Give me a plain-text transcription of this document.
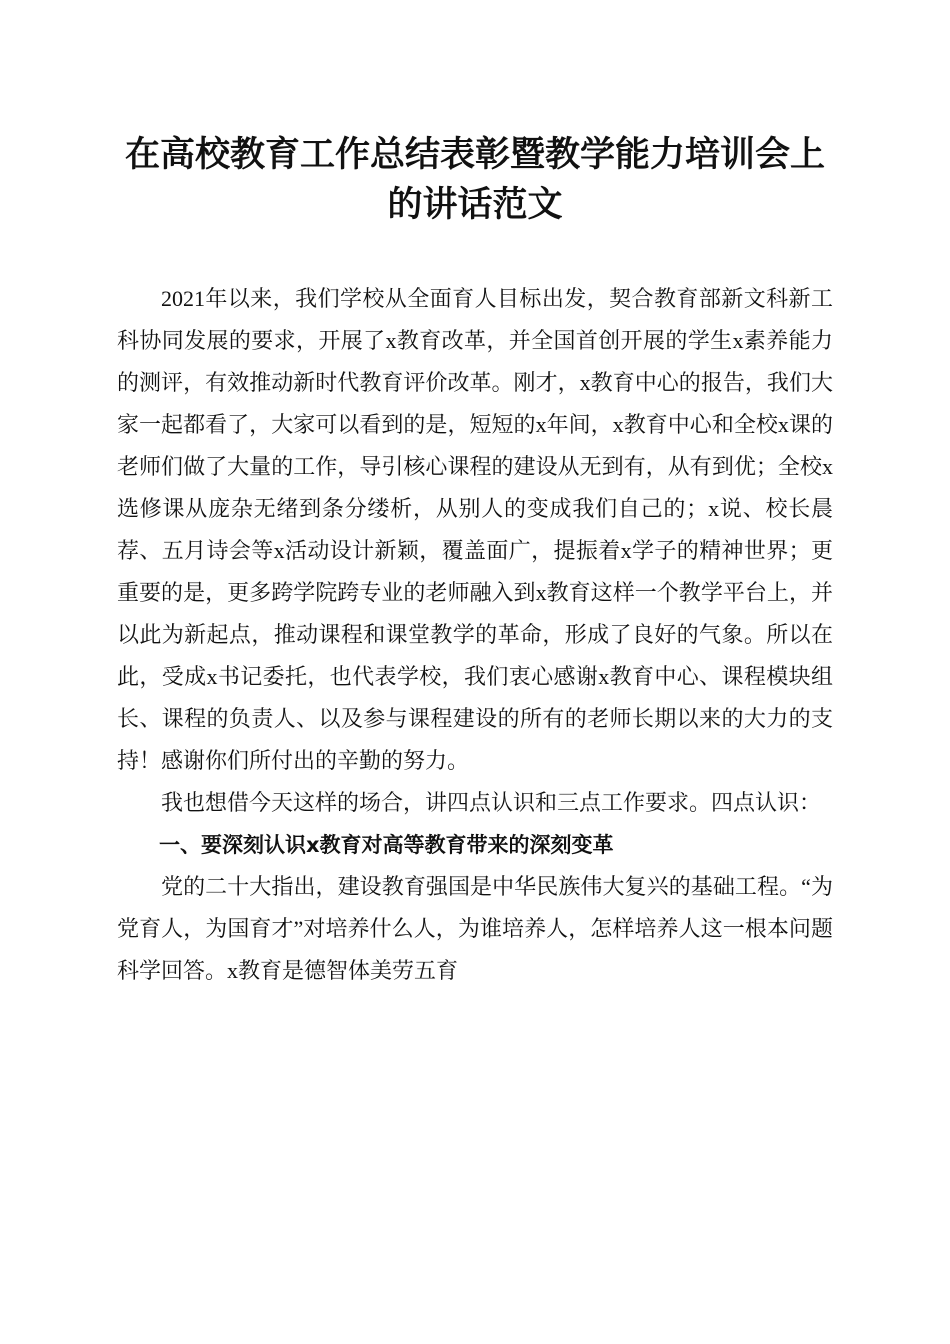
在高校教育工作总结表彰暨教学能力培训会上
的讲话范文

2021年以来，我们学校从全面育人目标出发，契合教育部新文科新工科协同发展的要求，开展了x教育改革，并全国首创开展的学生x素养能力的测评，有效推动新时代教育评价改革。刚才，x教育中心的报告，我们大家一起都看了，大家可以看到的是，短短的x年间，x教育中心和全校x课的老师们做了大量的工作，导引核心课程的建设从无到有，从有到优；全校x选修课从庞杂无绪到条分缕析，从别人的变成我们自己的；x说、校长晨荐、五月诗会等x活动设计新颖，覆盖面广，提振着x学子的精神世界；更重要的是，更多跨学院跨专业的老师融入到x教育这样一个教学平台上，并以此为新起点，推动课程和课堂教学的革命，形成了良好的气象。所以在此，受成x书记委托，也代表学校，我们衷心感谢x教育中心、课程模块组长、课程的负责人、以及参与课程建设的所有的老师长期以来的大力的支持！感谢你们所付出的辛勤的努力。

我也想借今天这样的场合，讲四点认识和三点工作要求。四点认识：

一、要深刻认识x教育对高等教育带来的深刻变革

党的二十大指出，建设教育强国是中华民族伟大复兴的基础工程。“为党育人，为国育才”对培养什么人，为谁培养人，怎样培养人这一根本问题科学回答。x教育是德智体美劳五育
